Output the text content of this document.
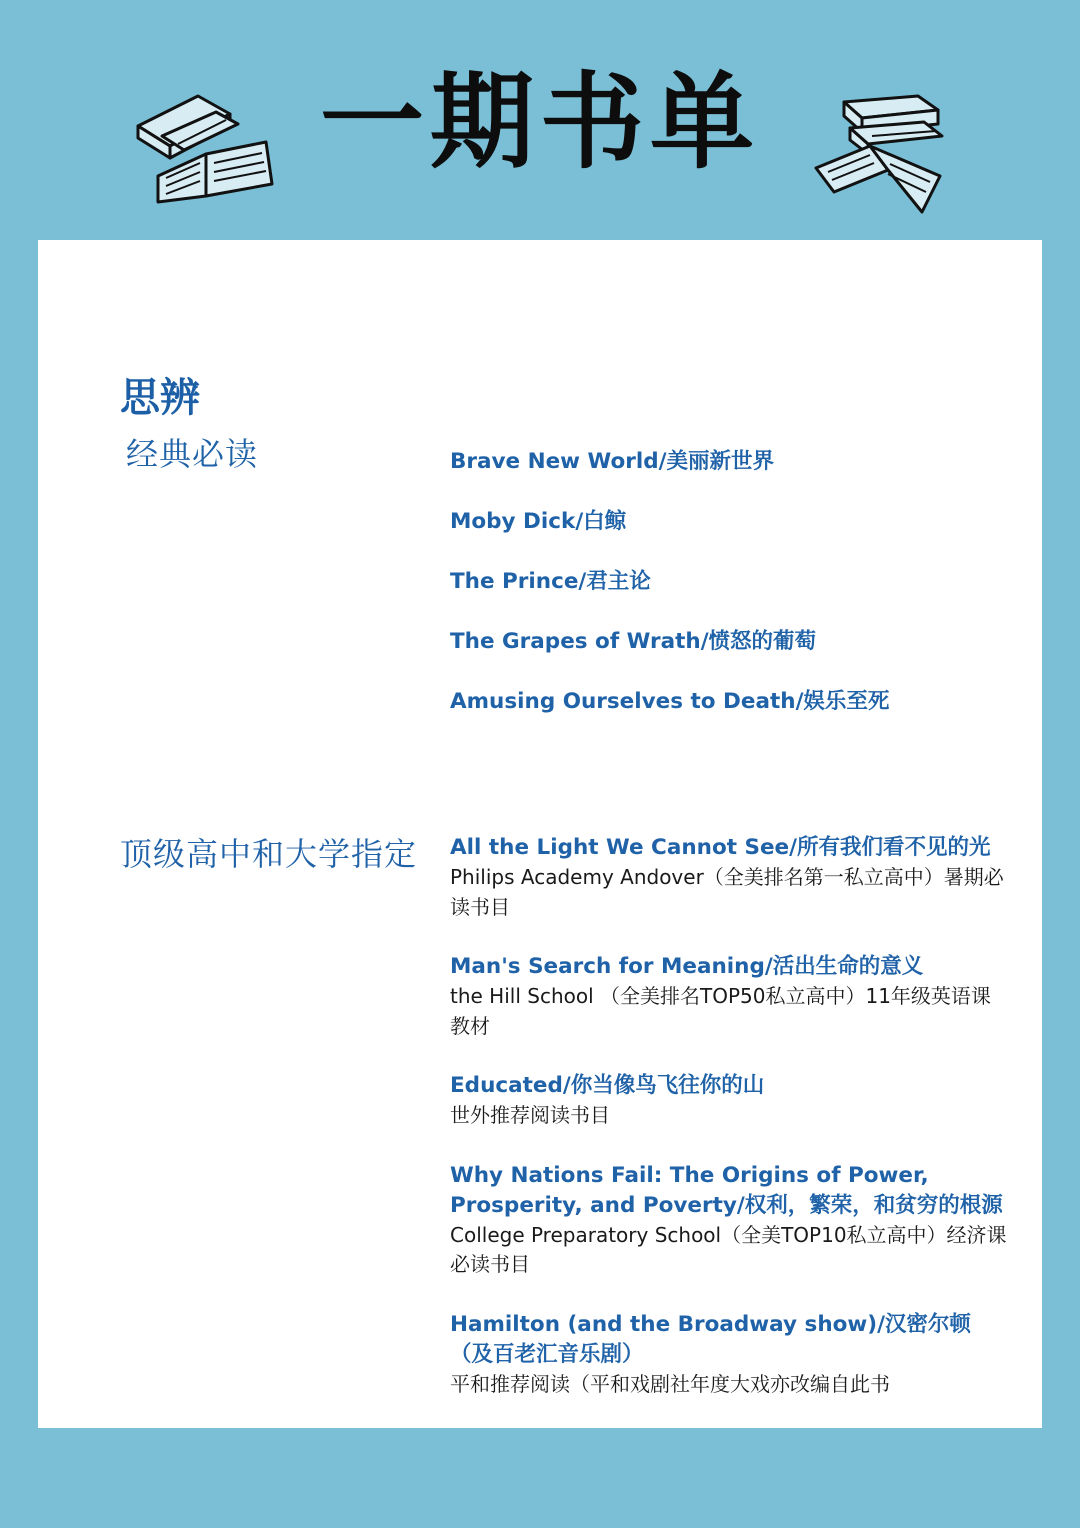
一期书单
思辨
经典必读	Brave New World/美丽新世界
Moby Dick/白鲸
The Prince/君主论
The Grapes of Wrath/愤怒的葡萄
Amusing Ourselves to Death/娱乐至死
顶级高中和大学指定 All the Light We Cannot See/所有我们看不见的光
Philips Academy Andover（全美排名第一私立高中）暑期必读书目
Man's Search for Meaning/活出生命的意义
the Hill School （全美排名TOP50私立高中）11年级英语课教材
Educated/你当像鸟飞往你的山
世外推荐阅读书目
Why Nations Fail: The Origins of Power, Prosperity, and Poverty/权利，繁荣，和贫穷的根源
College Preparatory School（全美TOP10私立高中）经济课必读书目
Hamilton (and the Broadway show)/汉密尔顿（及百老汇音乐剧）
平和推荐阅读（平和戏剧社年度大戏亦改编自此书
